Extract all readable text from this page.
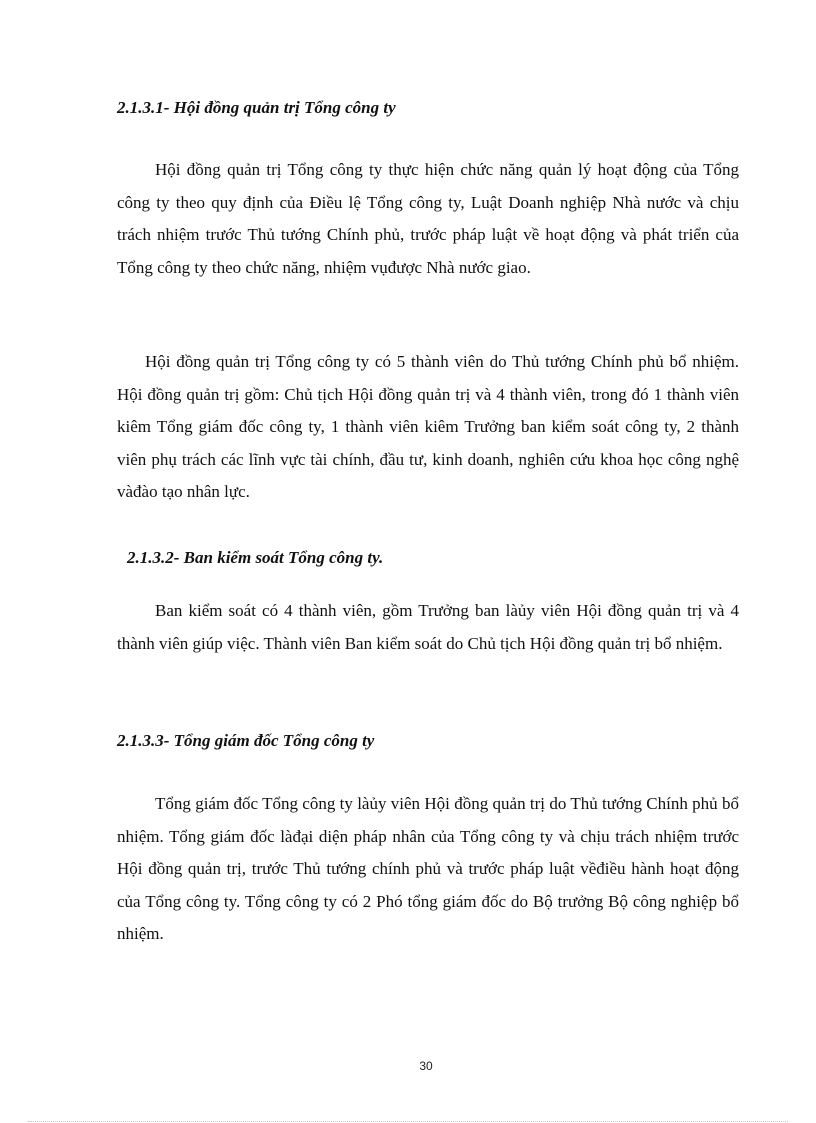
2.1.3.1- Hội đồng quản trị Tổng công ty

Hội đồng quản trị Tổng công ty thực hiện chức năng quản lý hoạt động của Tổng công ty theo quy định của Điều lệ Tổng công ty, Luật Doanh nghiệp Nhà nước và chịu trách nhiệm trước Thủ tướng Chính phủ, trước pháp luật về hoạt động và phát triển của Tổng công ty theo chức năng, nhiệm vụđược Nhà nước giao.

Hội đồng quản trị Tổng công ty có 5 thành viên do Thủ tướng Chính phủ bổ nhiệm. Hội đồng quản trị gồm: Chủ tịch Hội đồng quản trị và 4 thành viên, trong đó 1 thành viên kiêm Tổng giám đốc công ty, 1 thành viên kiêm Trưởng ban kiểm soát công ty, 2 thành viên phụ trách các lĩnh vực tài chính, đầu tư, kinh doanh, nghiên cứu khoa học công nghệ vàđào tạo nhân lực.

2.1.3.2- Ban kiểm soát Tổng công ty.

Ban kiểm soát có 4 thành viên, gồm Trưởng ban làủy viên Hội đồng quản trị và 4 thành viên giúp việc. Thành viên Ban kiểm soát do Chủ tịch Hội đồng quản trị bổ nhiệm.

2.1.3.3- Tổng giám đốc Tổng công ty

Tổng giám đốc Tổng công ty làủy viên Hội đồng quản trị do Thủ tướng Chính phủ bổ nhiệm. Tổng giám đốc làđại diện pháp nhân của Tổng công ty và chịu trách nhiệm trước Hội đồng quản trị, trước Thủ tướng chính phủ và trước pháp luật vềđiều hành hoạt động của Tổng công ty. Tổng công ty có 2 Phó tổng giám đốc do Bộ trưởng Bộ công nghiệp bổ nhiệm.

30
